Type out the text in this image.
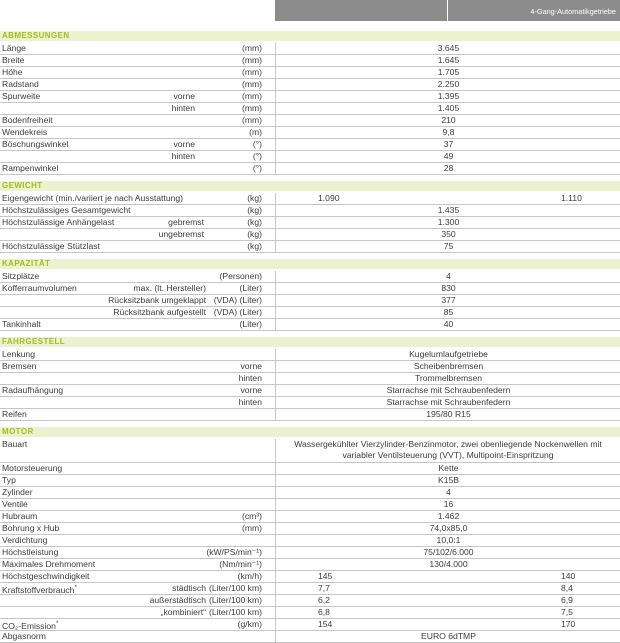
4-Gang-Automatikgetriebe
ABMESSUNGEN
Länge	(mm)	3.645
Breite	(mm)	1.645
Höhe	(mm)	1.705
Radstand	(mm)	2.250
Spurweite	vorne	(mm)	1.395
hinten	(mm)	1.405
Bodenfreiheit	(mm)	210
Wendekreis	(m)	9,8
Böschungswinkel	vorne	(°)	37
hinten	(°)	49
Rampenwinkel	(°)	28
GEWICHT
Eigengewicht (min./variiert je nach Ausstattung)	(kg)	1.090	1.110
Höchstzulässiges Gesamtgewicht	(kg)	1.435
Höchstzulässige Anhängelast	gebremst	(kg)	1.300
ungebremst	(kg)	350
Höchstzulässige Stützlast	(kg)	75
KAPAZITÄT
Sitzplätze	(Personen)	4
Kofferraumvolumen	max. (lt. Hersteller)	(Liter)	830
Rücksitzbank umgeklappt (VDA) (Liter)	377
Rücksitzbank aufgestellt (VDA) (Liter)	85
Tankinhalt	(Liter)	40
FAHRGESTELL
Lenkung	Kugelumlaufgetriebe
Bremsen	vorne	Scheibenbremsen
hinten	Trommelbremsen
Radaufhängung	vorne	Starrachse mit Schraubenfedern
hinten	Starrachse mit Schraubenfedern
Reifen	195/80 R15
MOTOR
Bauart	Wassergekühlter Vierzylinder-Benzinmotor, zwei obenliegende Nockenwellen mit variabler Ventilsteuerung (VVT), Multipoint-Einspritzung
Motorsteuerung	Kette
Typ	K15B
Zylinder	4
Ventile	16
Hubraum	(cm³)	1.462
Bohrung x Hub	(mm)	74,0x85,0
Verdichtung	10,0:1
Höchstleistung	(kW/PS/min⁻¹)	75/102/6.000
Maximales Drehmoment	(Nm/min⁻¹)	130/4.000
Höchstgeschwindigkeit	(km/h)	145	140
Kraftstoffverbrauch*	städtisch (Liter/100 km)	7,7	8,4
außerstädtisch (Liter/100 km)	6,2	6,9
„kombiniert“ (Liter/100 km)	6,8	7,5
CO₂-Emission*	(g/km)	154	170
Abgasnorm	EURO 6dTMP
